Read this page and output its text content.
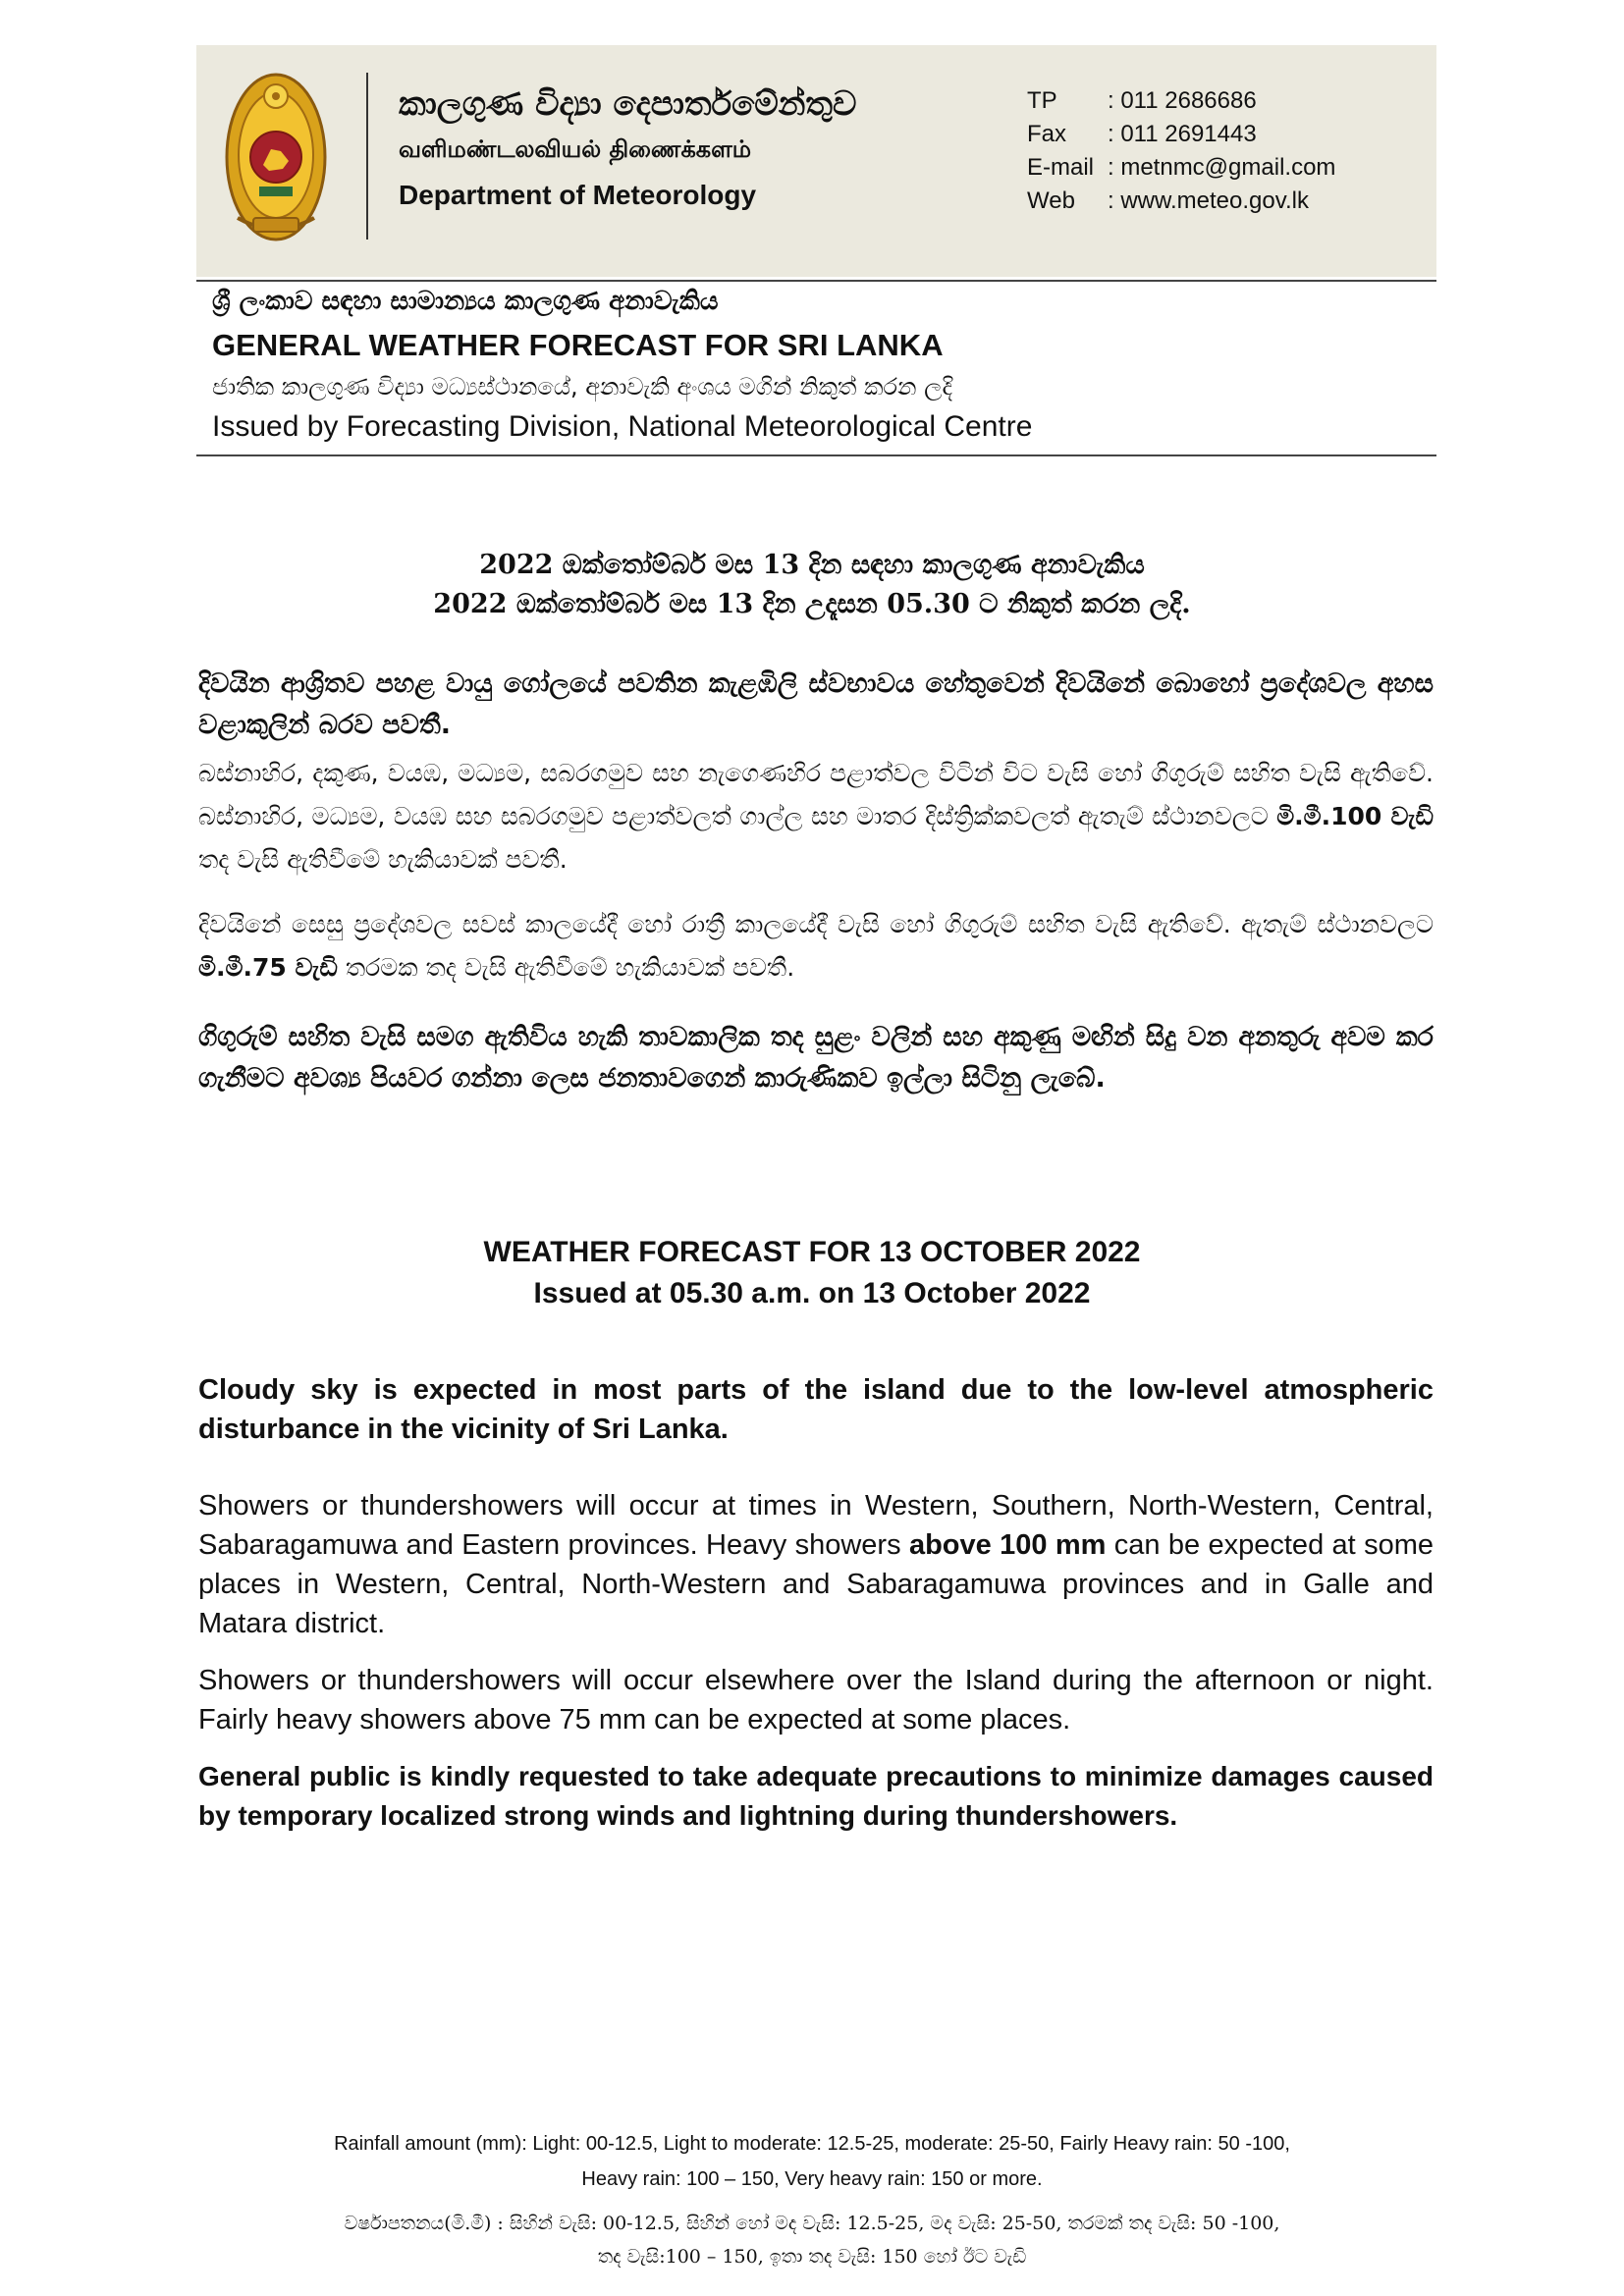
කාලගුණ විද්‍යා දෙපාර්තමේන්තුව
வளிமண்டலவியல் திணைக்களம்
Department of Meteorology
TP	: 011 2686686
Fax	: 011 2691443
E-mail : metnmc@gmail.com
Web	: www.meteo.gov.lk
ශ්‍රී ලංකාව සඳහා සාමාන්‍යය කාලගුණ අනාවැකිය
GENERAL WEATHER FORECAST FOR SRI LANKA
ජාතික කාලගුණ විද්‍යා මධ්‍යස්ථානයේ, අනාවැකි අංශය මගින් නිකුත් කරන ලදි
Issued by Forecasting Division, National Meteorological Centre
2022 ඔක්තෝම්බර් මස 13 දින සඳහා කාලගුණ අනාවැකිය
2022 ඔක්තෝම්බර් මස 13 දින උදෑසන 05.30 ට නිකුත් කරන ලදි.
දිවයින ආශ්‍රිතව පහළ වායු ගෝලයේ පවතින කැළඹිලි ස්වභාවය හේතුවෙන් දිවයිනේ බොහෝ ප්‍රදේශවල අහස වළාකුලින් බරව පවතී.
බස්නාහිර, දකුණ, වයඹ, මධ්‍යම, සබරගමුව සහ නැගෙණහිර පළාත්වල විටින් විට වැසි හෝ ගිගුරුම් සහිත වැසි ඇතිවේ. බස්නාහිර, මධ්‍යම, වයඹ සහ සබරගමුව පළාත්වලත් ගාල්ල සහ මාතර දිස්ත්‍රික්කවලත් ඇතැම් ස්ථානවලට මි.මී.100 වැඩි තද වැසි ඇතිවීමේ හැකියාවක් පවතී.
දිවයිනේ සෙසු ප්‍රදේශවල සවස් කාලයේදී හෝ රාත්‍රී කාලයේදී වැසි හෝ ගිගුරුම් සහිත වැසි ඇතිවේ. ඇතැම් ස්ථානවලට මි.මී.75 වැඩි තරමක තද වැසි ඇතිවීමේ හැකියාවක් පවතී.
ගිගුරුම් සහිත වැසි සමග ඇතිවිය හැකි තාවකාලික තද සුළං වලින් සහ අකුණු මඟින් සිදු වන අනතුරු අවම කර ගැනීමට අවශ්‍ය පියවර ගන්නා ලෙස ජනතාවගෙන් කාරුණිකව ඉල්ලා සිටිනු ලැබේ.
WEATHER FORECAST FOR 13 OCTOBER 2022
Issued at 05.30 a.m. on 13 October 2022
Cloudy sky is expected in most parts of the island due to the low-level atmospheric disturbance in the vicinity of Sri Lanka.
Showers or thundershowers will occur at times in Western, Southern, North-Western, Central, Sabaragamuwa and Eastern provinces. Heavy showers above 100 mm can be expected at some places in Western, Central, North-Western and Sabaragamuwa provinces and in Galle and Matara district.
Showers or thundershowers will occur elsewhere over the Island during the afternoon or night. Fairly heavy showers above 75 mm can be expected at some places.
General public is kindly requested to take adequate precautions to minimize damages caused by temporary localized strong winds and lightning during thundershowers.
Rainfall amount (mm): Light: 00-12.5, Light to moderate: 12.5-25, moderate: 25-50, Fairly Heavy rain: 50 -100,
Heavy rain: 100 – 150, Very heavy rain: 150 or more.
වර්ෂාපතනය(මි.මී) : සිහින් වැසි: 00-12.5, සිහින් හෝ මද වැසි: 12.5-25, මද වැසි: 25-50, තරමක් තද වැසි: 50 -100,
තද වැසි:100 – 150, ඉතා තද වැසි: 150 හෝ ඊට වැඩි
